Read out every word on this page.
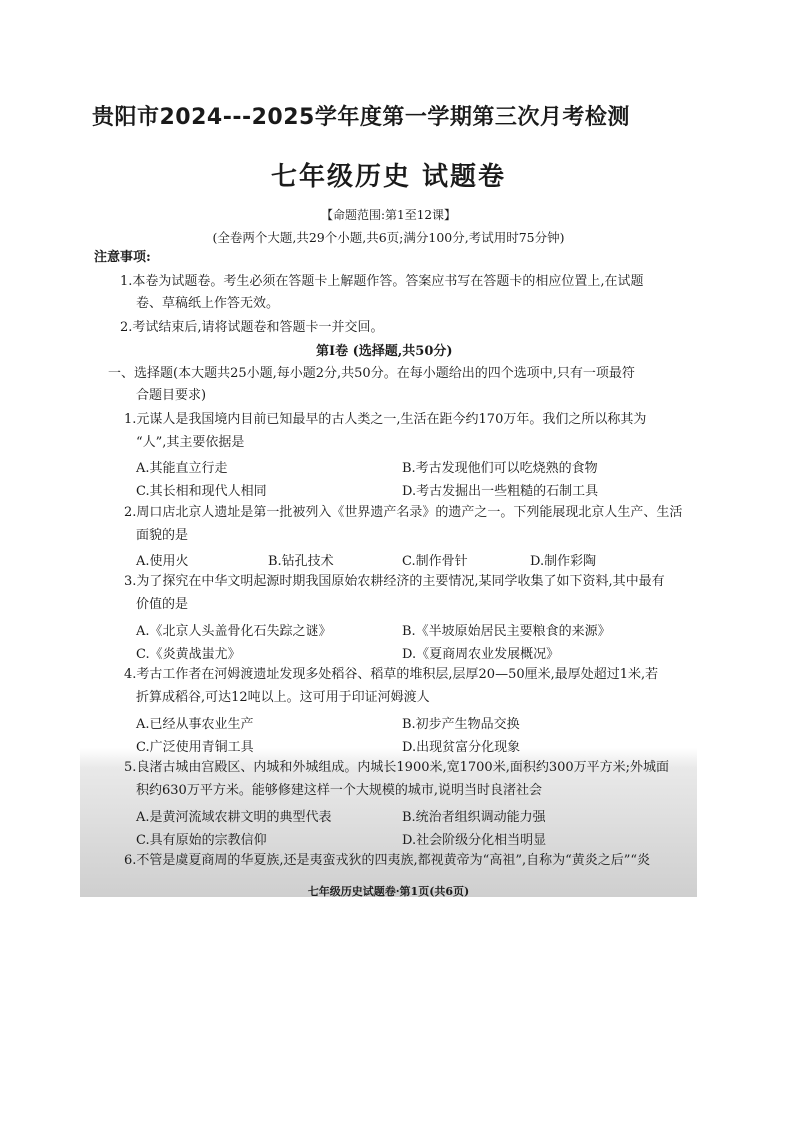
贵阳市2024---2025学年度第一学期第三次月考检测
七年级历史 试题卷
【命题范围:第1至12课】
(全卷两个大题,共29个小题,共6页;满分100分,考试用时75分钟)
注意事项:
1.本卷为试题卷。考生必须在答题卡上解题作答。答案应书写在答题卡的相应位置上,在试题
卷、草稿纸上作答无效。
2.考试结束后,请将试题卷和答题卡一并交回。
第Ⅰ卷 (选择题,共50分)
一、选择题(本大题共25小题,每小题2分,共50分。在每小题给出的四个选项中,只有一项最符
合题目要求)
1.元谋人是我国境内目前已知最早的古人类之一,生活在距今约170万年。我们之所以称其为
“人”,其主要依据是
A.其能直立行走	B.考古发现他们可以吃烧熟的食物
C.其长相和现代人相同	D.考古发掘出一些粗糙的石制工具
2.周口店北京人遗址是第一批被列入《世界遗产名录》的遗产之一。下列能展现北京人生产、生活
面貌的是
A.使用火	B.钻孔技术	C.制作骨针	D.制作彩陶
3.为了探究在中华文明起源时期我国原始农耕经济的主要情况,某同学收集了如下资料,其中最有
价值的是
A.《北京人头盖骨化石失踪之谜》	B.《半坡原始居民主要粮食的来源》
C.《炎黄战蚩尤》	D.《夏商周农业发展概况》
4.考古工作者在河姆渡遗址发现多处稻谷、稻草的堆积层,层厚20—50厘米,最厚处超过1米,若
折算成稻谷,可达12吨以上。这可用于印证河姆渡人
A.已经从事农业生产	B.初步产生物品交换
C.广泛使用青铜工具	D.出现贫富分化现象
5.良渚古城由宫殿区、内城和外城组成。内城长1900米,宽1700米,面积约300万平方米;外城面
积约630万平方米。能够修建这样一个大规模的城市,说明当时良渚社会
A.是黄河流域农耕文明的典型代表	B.统治者组织调动能力强
C.具有原始的宗教信仰	D.社会阶级分化相当明显
6.不管是虞夏商周的华夏族,还是夷蛮戎狄的四夷族,都视黄帝为“高祖”,自称为“黄炎之后”“炎
七年级历史试题卷·第1页(共6页)
